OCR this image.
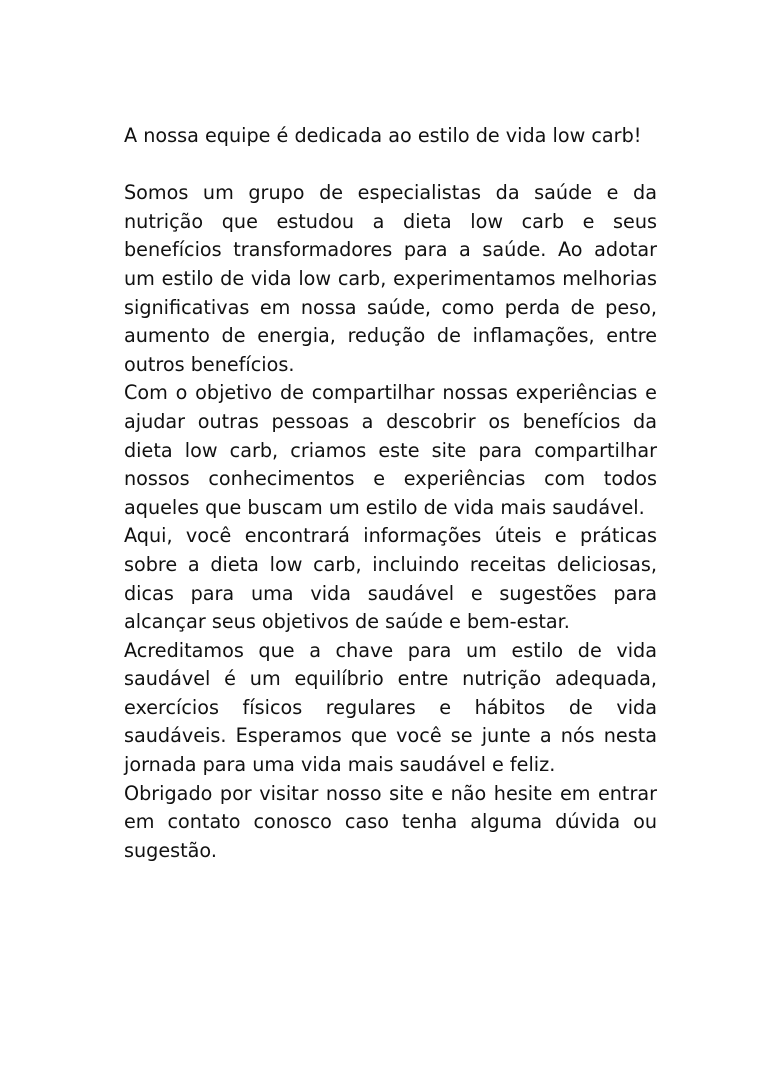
A nossa equipe é dedicada ao estilo de vida low carb!

Somos um grupo de especialistas da saúde e da nutrição que estudou a dieta low carb e seus benefícios transformadores para a saúde. Ao adotar um estilo de vida low carb, experimentamos melhorias significativas em nossa saúde, como perda de peso, aumento de energia, redução de inflamações, entre outros benefícios.

Com o objetivo de compartilhar nossas experiências e ajudar outras pessoas a descobrir os benefícios da dieta low carb, criamos este site para compartilhar nossos conhecimentos e experiências com todos aqueles que buscam um estilo de vida mais saudável.

Aqui, você encontrará informações úteis e práticas sobre a dieta low carb, incluindo receitas deliciosas, dicas para uma vida saudável e sugestões para alcançar seus objetivos de saúde e bem-estar.

Acreditamos que a chave para um estilo de vida saudável é um equilíbrio entre nutrição adequada, exercícios físicos regulares e hábitos de vida saudáveis. Esperamos que você se junte a nós nesta jornada para uma vida mais saudável e feliz.

Obrigado por visitar nosso site e não hesite em entrar em contato conosco caso tenha alguma dúvida ou sugestão.
